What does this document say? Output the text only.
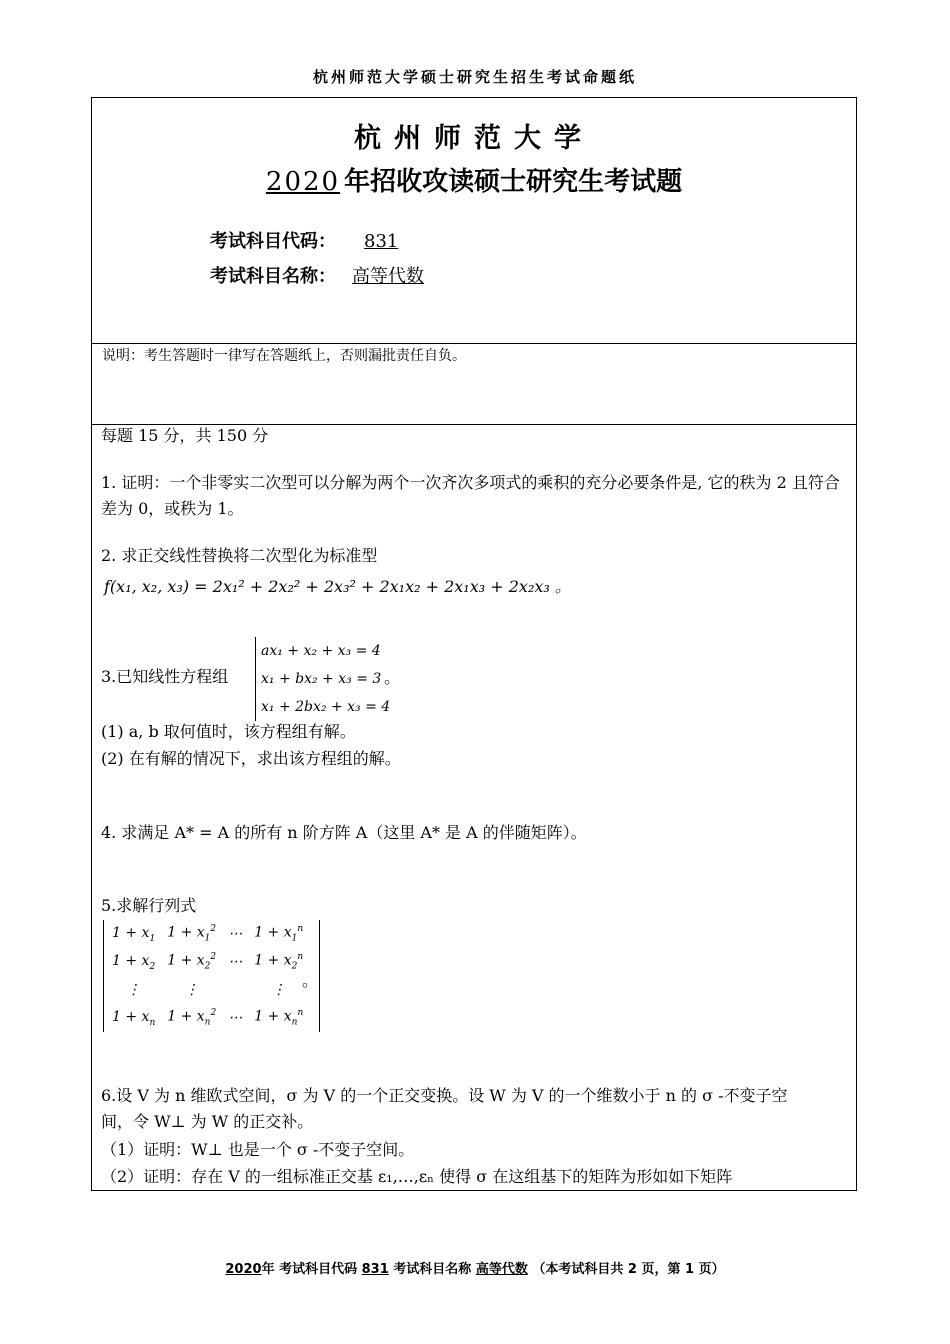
杭州师范大学硕士研究生招生考试命题纸
杭州师范大学
2020 年招收攻读硕士研究生考试题
考试科目代码： 831
考试科目名称： 高等代数
说明：考生答题时一律写在答题纸上，否则漏批责任自负。
每题 15 分，共 150 分
1. 证明：一个非零实二次型可以分解为两个一次齐次多项式的乘积的充分必要条件是, 它的秩为 2 且符合差为 0，或秩为 1。
2. 求正交线性替换将二次型化为标准型
f(x₁, x₂, x₃) = 2x₁² + 2x₂² + 2x₃² + 2x₁x₂ + 2x₁x₃ + 2x₂x₃ 。
3.已知线性方程组
ax₁ + x₂ + x₃ = 4
x₁ + bx₂ + x₃ = 3
x₁ + 2bx₂ + x₃ = 4
。
(1) a, b 取何值时，该方程组有解。
(2) 在有解的情况下，求出该方程组的解。
4. 求满足 A* = A 的所有 n 阶方阵 A（这里 A* 是 A 的伴随矩阵）。
5.求解行列式
$1 + x_1$	$1 + x_1^2$	⋯	$1 + x_1^n$
$1 + x_2$	$1 + x_2^2$	⋯	$1 + x_2^n$
⋮	⋮		⋮
$1 + x_n$	$1 + x_n^2$	⋯	$1 + x_n^n$
。
6.设 V 为 n 维欧式空间，σ 为 V 的一个正交变换。设 W 为 V 的一个维数小于 n 的 σ -不变子空
间，令 W⊥ 为 W 的正交补。
（1）证明：W⊥ 也是一个 σ -不变子空间。
（2）证明：存在 V 的一组标准正交基 ε₁,…,εₙ 使得 σ 在这组基下的矩阵为形如如下矩阵
2020年 考试科目代码 831 考试科目名称 高等代数 （本考试科目共 2 页，第 1 页）
